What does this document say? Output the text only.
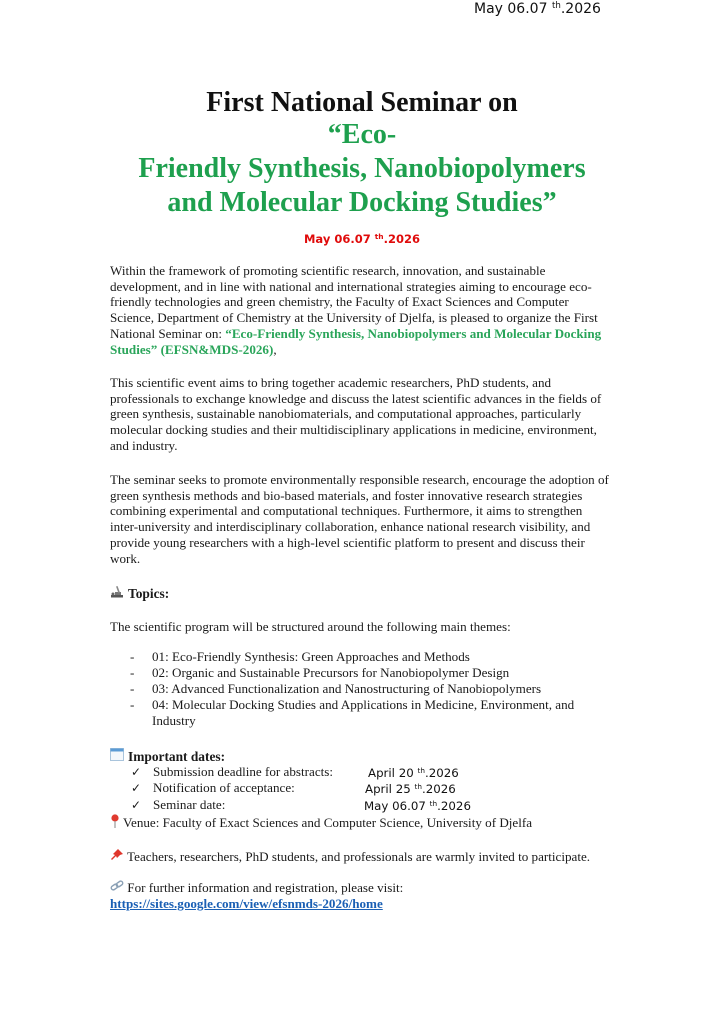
May 06.07 $^{th}$.2026
First National Seminar on
“Eco-
Friendly Synthesis, Nanobiopolymers
and Molecular Docking Studies”
May 06.07 $^{th}$.2026

Within the framework of promoting scientific research, innovation, and sustainable development, and in line with national and international strategies aiming to encourage eco-friendly technologies and green chemistry, the Faculty of Exact Sciences and Computer Science, Department of Chemistry at the University of Djelfa, is pleased to organize the First National Seminar on: “Eco-Friendly Synthesis, Nanobiopolymers and Molecular Docking Studies” (EFSN&MDS-2026),

This scientific event aims to bring together academic researchers, PhD students, and professionals to exchange knowledge and discuss the latest scientific advances in the fields of green synthesis, sustainable nanobiomaterials, and computational approaches, particularly molecular docking studies and their multidisciplinary applications in medicine, environment, and industry.

The seminar seeks to promote environmentally responsible research, encourage the adoption of green synthesis methods and bio-based materials, and foster innovative research strategies combining experimental and computational techniques. Furthermore, it aims to strengthen inter-university and interdisciplinary collaboration, enhance national research visibility, and provide young researchers with a high-level scientific platform to present and discuss their work.

Topics:

The scientific program will be structured around the following main themes:

-	01: Eco-Friendly Synthesis: Green Approaches and Methods
-	02: Organic and Sustainable Precursors for Nanobiopolymer Design
-	03: Advanced Functionalization and Nanostructuring of Nanobiopolymers
-	04: Molecular Docking Studies and Applications in Medicine, Environment, and Industry
Important dates:
✓ Submission deadline for abstracts:	April 20 $^{th}$.2026
✓ Notification of acceptance:	April 25 $^{th}$.2026
✓ Seminar date:	May 06.07 $^{th}$.2026
Venue: Faculty of Exact Sciences and Computer Science, University of Djelfa

Teachers, researchers, PhD students, and professionals are warmly invited to participate.

For further information and registration, please visit:
https://sites.google.com/view/efsnmds-2026/home
